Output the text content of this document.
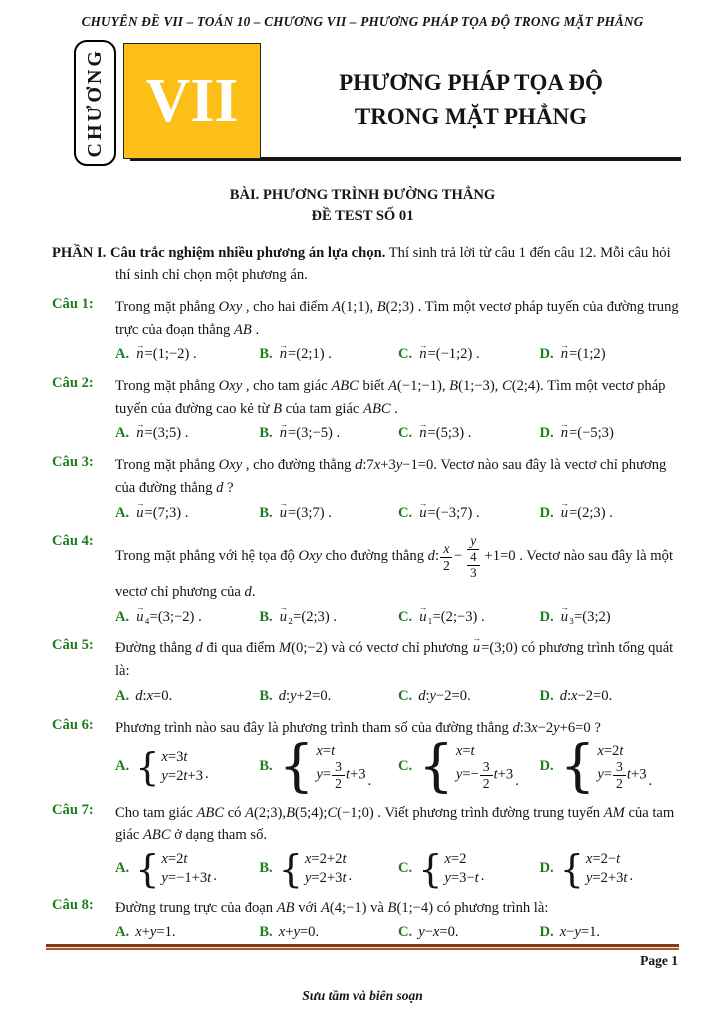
CHUYÊN ĐỀ VII – TOÁN 10 – CHƯƠNG VII – PHƯƠNG PHÁP TỌA ĐỘ TRONG MẶT PHẲNG
CHƯƠNG VII	PHƯƠNG PHÁP TỌA ĐỘ
TRONG MẶT PHẲNG
BÀI. PHƯƠNG TRÌNH ĐƯỜNG THẲNG
ĐỀ TEST SỐ 01
PHẦN I. Câu trắc nghiệm nhiều phương án lựa chọn. Thí sinh trả lời từ câu 1 đến câu 12. Mỗi câu hỏi thí sinh chỉ chọn một phương án.
Câu 1:	Trong mặt phẳng Oxy , cho hai điểm A(1;1), B(2;3) . Tìm một vectơ pháp tuyến của đường trung trực của đoạn thẳng AB .
A. n →=(1;−2) .	B. n →=(2;1) .	C. n →=(−1;2) .	D. n →=(1;2)
Câu 2:	Trong mặt phẳng Oxy , cho tam giác ABC biết A(−1;−1), B(1;−3), C(2;4). Tìm một vectơ pháp tuyến của đường cao kẻ từ B của tam giác ABC .
A. n →=(3;5) .	B. n →=(3;−5) .	C. n →=(5;3) .	D. n →=(−5;3)
Câu 3:	Trong mặt phẳng Oxy , cho đường thẳng d:7x+3y−1=0. Vectơ nào sau đây là vectơ chỉ phương của đường thẳng d ?
A. u →=(7;3) .	B. u →=(3;7) .	C. u →=(−3;7) .	D. u →=(2;3) .
Câu 4:
Trong mặt phẳng với hệ tọa độ Oxy cho đường thẳng d: $\frac{x}{2} - \frac{y}{\frac{4}{3}} +1=0$ . Vectơ nào sau đây là một vectơ chỉ phương của d.
A. u →₄=(3;−2) .	B. u →₂=(2;3) .	C. u →₁=(2;−3) .	D. u →₃=(3;2)
Câu 5:	Đường thẳng d đi qua điểm M(0;−2) và có vectơ chỉ phương u →=(3;0) có phương trình tổng quát là:
A. d:x=0.	B. d:y+2=0.	C. d:y−2=0.	D. d:x−2=0.
Câu 6:	Phương trình nào sau đây là phương trình tham số của đường thẳng d:3x−2y+6=0 ?
A. { x=3t
y=2t+3 .
B. { x=t
$y= \frac{3}{2} t+3$ .
C. { x=t
$y=- \frac{3}{2} t+3$ .
D. { x=2t
$y= \frac{3}{2} t+3$ .
Câu 7:	Cho tam giác ABC có A(2;3),B(5;4);C(−1;0) . Viết phương trình đường trung tuyến AM của tam giác ABC ở dạng tham số.
A. { x=2t
y=−1+3t .
B. { x=2+2t
y=2+3t .
C. { x=2
y=3−t .
D. { x=2−t
y=2+3t .
Câu 8:	Đường trung trực của đoạn AB với A(4;−1) và B(1;−4) có phương trình là:
A. x+y=1.	B. x+y=0.	C. y−x=0.	D. x−y=1.
Page 1
Sưu tầm và biên soạn
